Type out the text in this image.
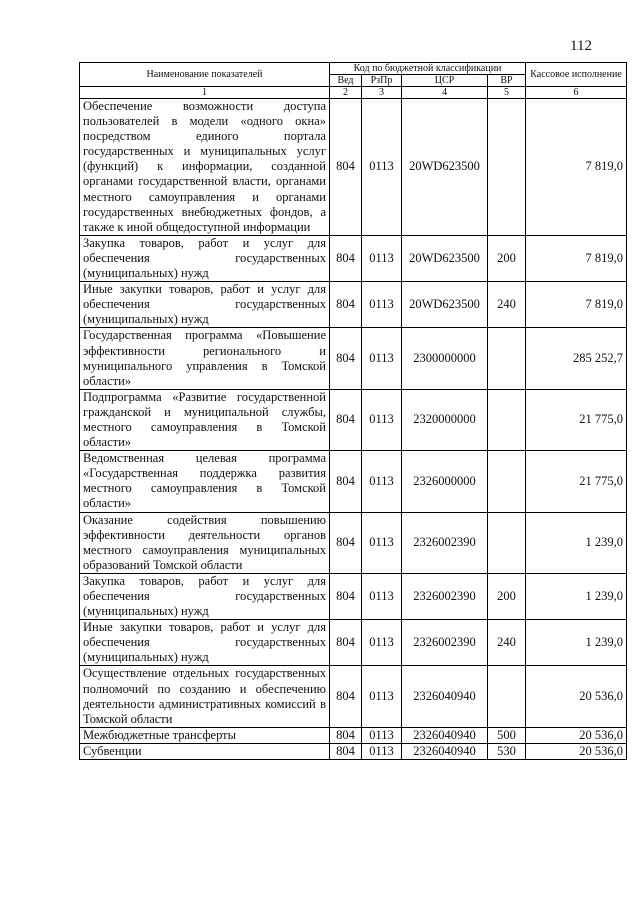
112
Наименование показателей	Код по бюджетной классификации				Кассовое исполнение
	Вед	РзПр	ЦСР	ВР	
1	2	3	4	5	6
Обеспечение возможности доступа пользователей в модели «одного окна» посредством единого портала государственных и муниципальных услуг (функций) к информации, созданной органами государственной власти, органами местного самоуправления и органами государственных внебюджетных фондов, а также к иной общедоступной информации	804	0113	20WD623500		7 819,0
Закупка товаров, работ и услуг для обеспечения государственных (муниципальных) нужд	804	0113	20WD623500	200	7 819,0
Иные закупки товаров, работ и услуг для обеспечения государственных (муниципальных) нужд	804	0113	20WD623500	240	7 819,0
Государственная программа «Повышение эффективности регионального и муниципального управления в Томской области»	804	0113	2300000000		285 252,7
Подпрограмма «Развитие государственной гражданской и муниципальной службы, местного самоуправления в Томской области»	804	0113	2320000000		21 775,0
Ведомственная целевая программа «Государственная поддержка развития местного самоуправления в Томской области»	804	0113	2326000000		21 775,0
Оказание содействия повышению эффективности деятельности органов местного самоуправления муниципальных образований Томской области	804	0113	2326002390		1 239,0
Закупка товаров, работ и услуг для обеспечения государственных (муниципальных) нужд	804	0113	2326002390	200	1 239,0
Иные закупки товаров, работ и услуг для обеспечения государственных (муниципальных) нужд	804	0113	2326002390	240	1 239,0
Осуществление отдельных государственных полномочий по созданию и обеспечению деятельности административных комиссий в Томской области	804	0113	2326040940		20 536,0
Межбюджетные трансферты	804	0113	2326040940	500	20 536,0
Субвенции	804	0113	2326040940	530	20 536,0
